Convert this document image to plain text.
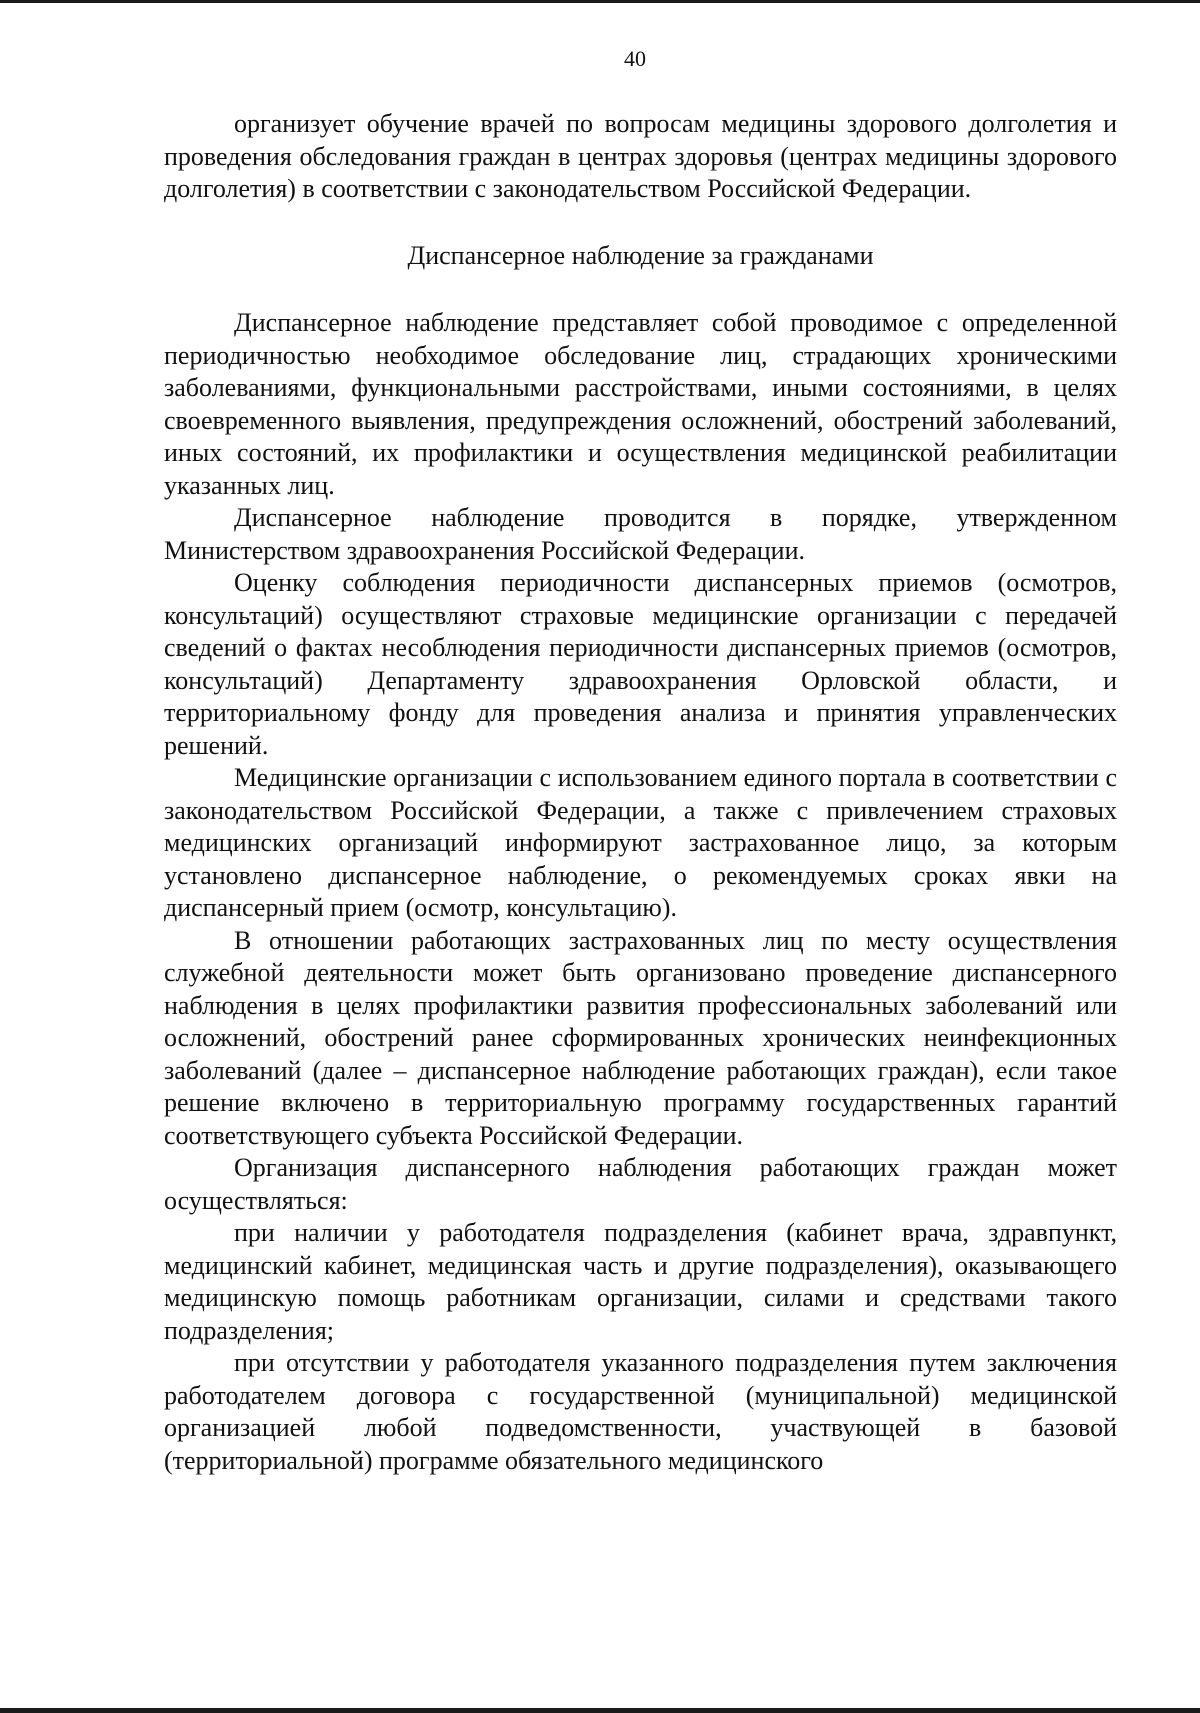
40

организует обучение врачей по вопросам медицины здорового долголетия и проведения обследования граждан в центрах здоровья (центрах медицины здорового долголетия) в соответствии с законодательством Российской Федерации.

Диспансерное наблюдение за гражданами

Диспансерное наблюдение представляет собой проводимое с определенной периодичностью необходимое обследование лиц, страдающих хроническими заболеваниями, функциональными расстройствами, иными состояниями, в целях своевременного выявления, предупреждения осложнений, обострений заболеваний, иных состояний, их профилактики и осуществления медицинской реабилитации указанных лиц.

Диспансерное наблюдение проводится в порядке, утвержденном Министерством здравоохранения Российской Федерации.

Оценку соблюдения периодичности диспансерных приемов (осмотров, консультаций) осуществляют страховые медицинские организации с передачей сведений о фактах несоблюдения периодичности диспансерных приемов (осмотров, консультаций) Департаменту здравоохранения Орловской области, и территориальному фонду для проведения анализа и принятия управленческих решений.

Медицинские организации с использованием единого портала в соответствии с законодательством Российской Федерации, а также с привлечением страховых медицинских организаций информируют застрахованное лицо, за которым установлено диспансерное наблюдение, о рекомендуемых сроках явки на диспансерный прием (осмотр, консультацию).

В отношении работающих застрахованных лиц по месту осуществления служебной деятельности может быть организовано проведение диспансерного наблюдения в целях профилактики развития профессиональных заболеваний или осложнений, обострений ранее сформированных хронических неинфекционных заболеваний (далее – диспансерное наблюдение работающих граждан), если такое решение включено в территориальную программу государственных гарантий соответствующего субъекта Российской Федерации.

Организация диспансерного наблюдения работающих граждан может осуществляться:

при наличии у работодателя подразделения (кабинет врача, здравпункт, медицинский кабинет, медицинская часть и другие подразделения), оказывающего медицинскую помощь работникам организации, силами и средствами такого подразделения;

при отсутствии у работодателя указанного подразделения путем заключения работодателем договора с государственной (муниципальной) медицинской организацией любой подведомственности, участвующей в базовой (территориальной) программе обязательного медицинского
